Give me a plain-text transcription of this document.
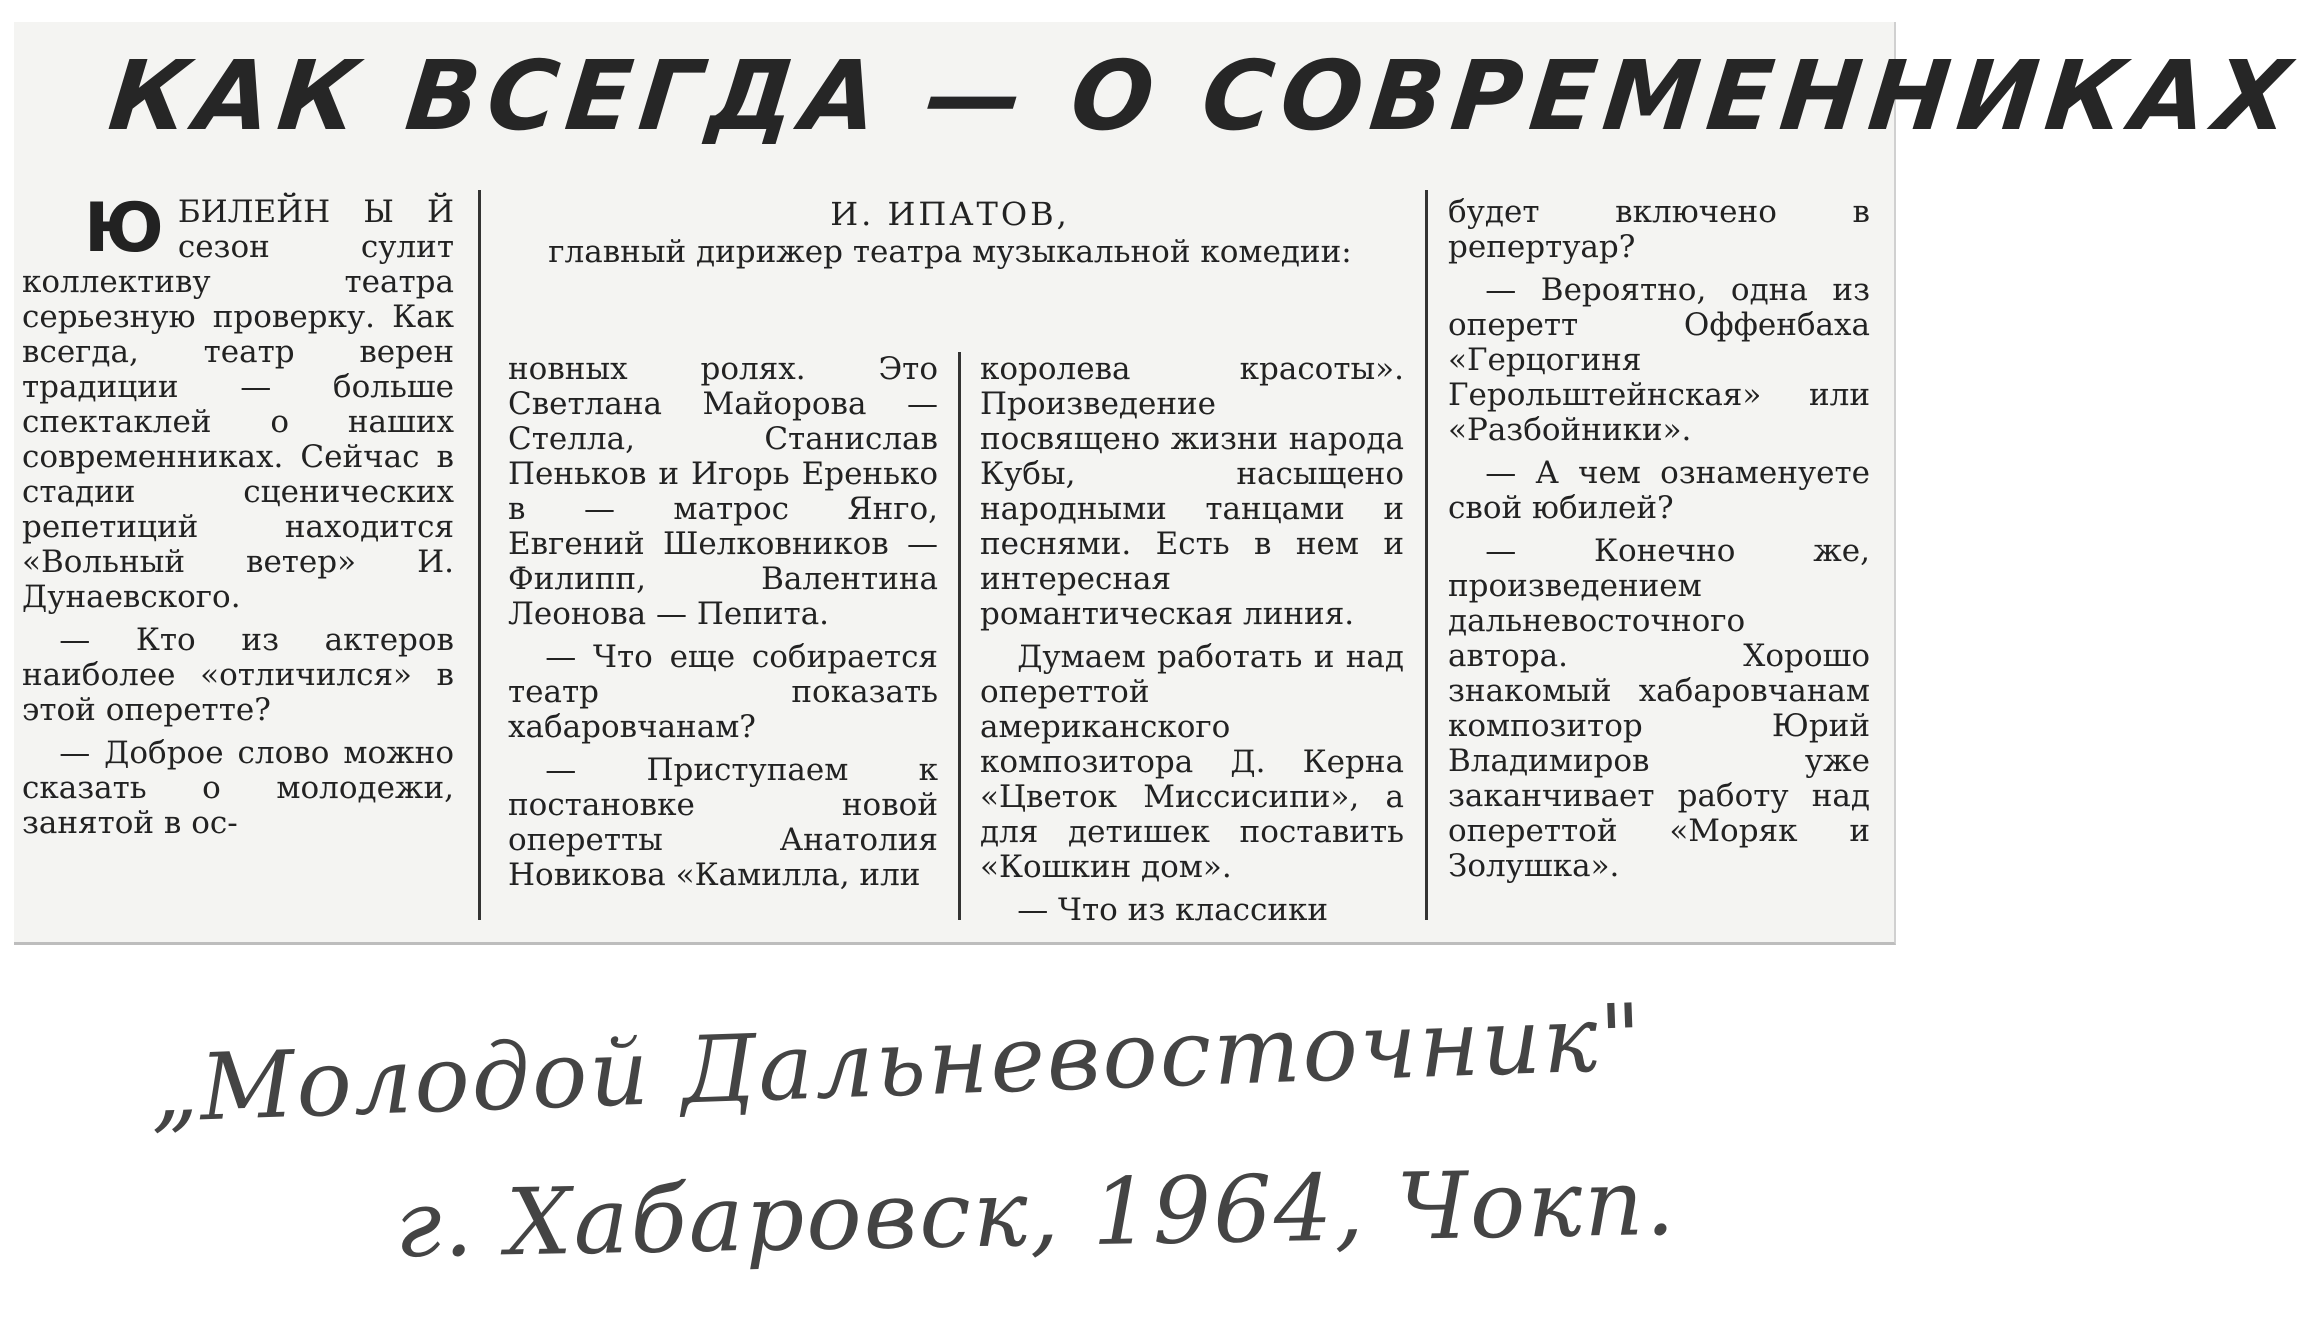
КАК ВСЕГДА — О СОВРЕМЕННИКАХ
И. ИПАТОВ,
главный дирижер театра музыкальной комедии:

ЮБИЛЕЙН Ы Й сезон сулит коллективу театра серьезную проверку. Как всегда, театр верен традиции — больше спектаклей о наших современниках. Сейчас в стадии сценических репетиций находится «Вольный ветер» И. Дунаевского.

— Кто из актеров наиболее «отличился» в этой оперетте?

— Доброе слово можно сказать о молодежи, занятой в ос-

новных ролях. Это Светлана Майорова — Стелла, Станислав Пеньков и Игорь Еренько в — матрос Янго, Евгений Шелковников — Филипп, Валентина Леонова — Пепита.

— Что еще собирается театр показать хабаровчанам?

— Приступаем к постановке новой оперетты Анатолия Новикова «Камилла, или

королева красоты». Произведение посвящено жизни народа Кубы, насыщено народными танцами и песнями. Есть в нем и интересная романтическая линия.

Думаем работать и над опереттой американского композитора Д. Керна «Цветок Миссисипи», а для детишек поставить «Кошкин дом».

— Что из классики

будет включено в репертуар?

— Вероятно, одна из оперетт Оффенбаха «Герцогиня Герольштейнская» или «Разбойники».

— А чем ознаменуете свой юбилей?

— Конечно же, произведением дальневосточного автора. Хорошо знакомый хабаровчанам композитор Юрий Владимиров уже заканчивает работу над опереттой «Моряк и Золушка».

„Молодой Дальневосточник"
г. Хабаровск, 1964, Чокп.
